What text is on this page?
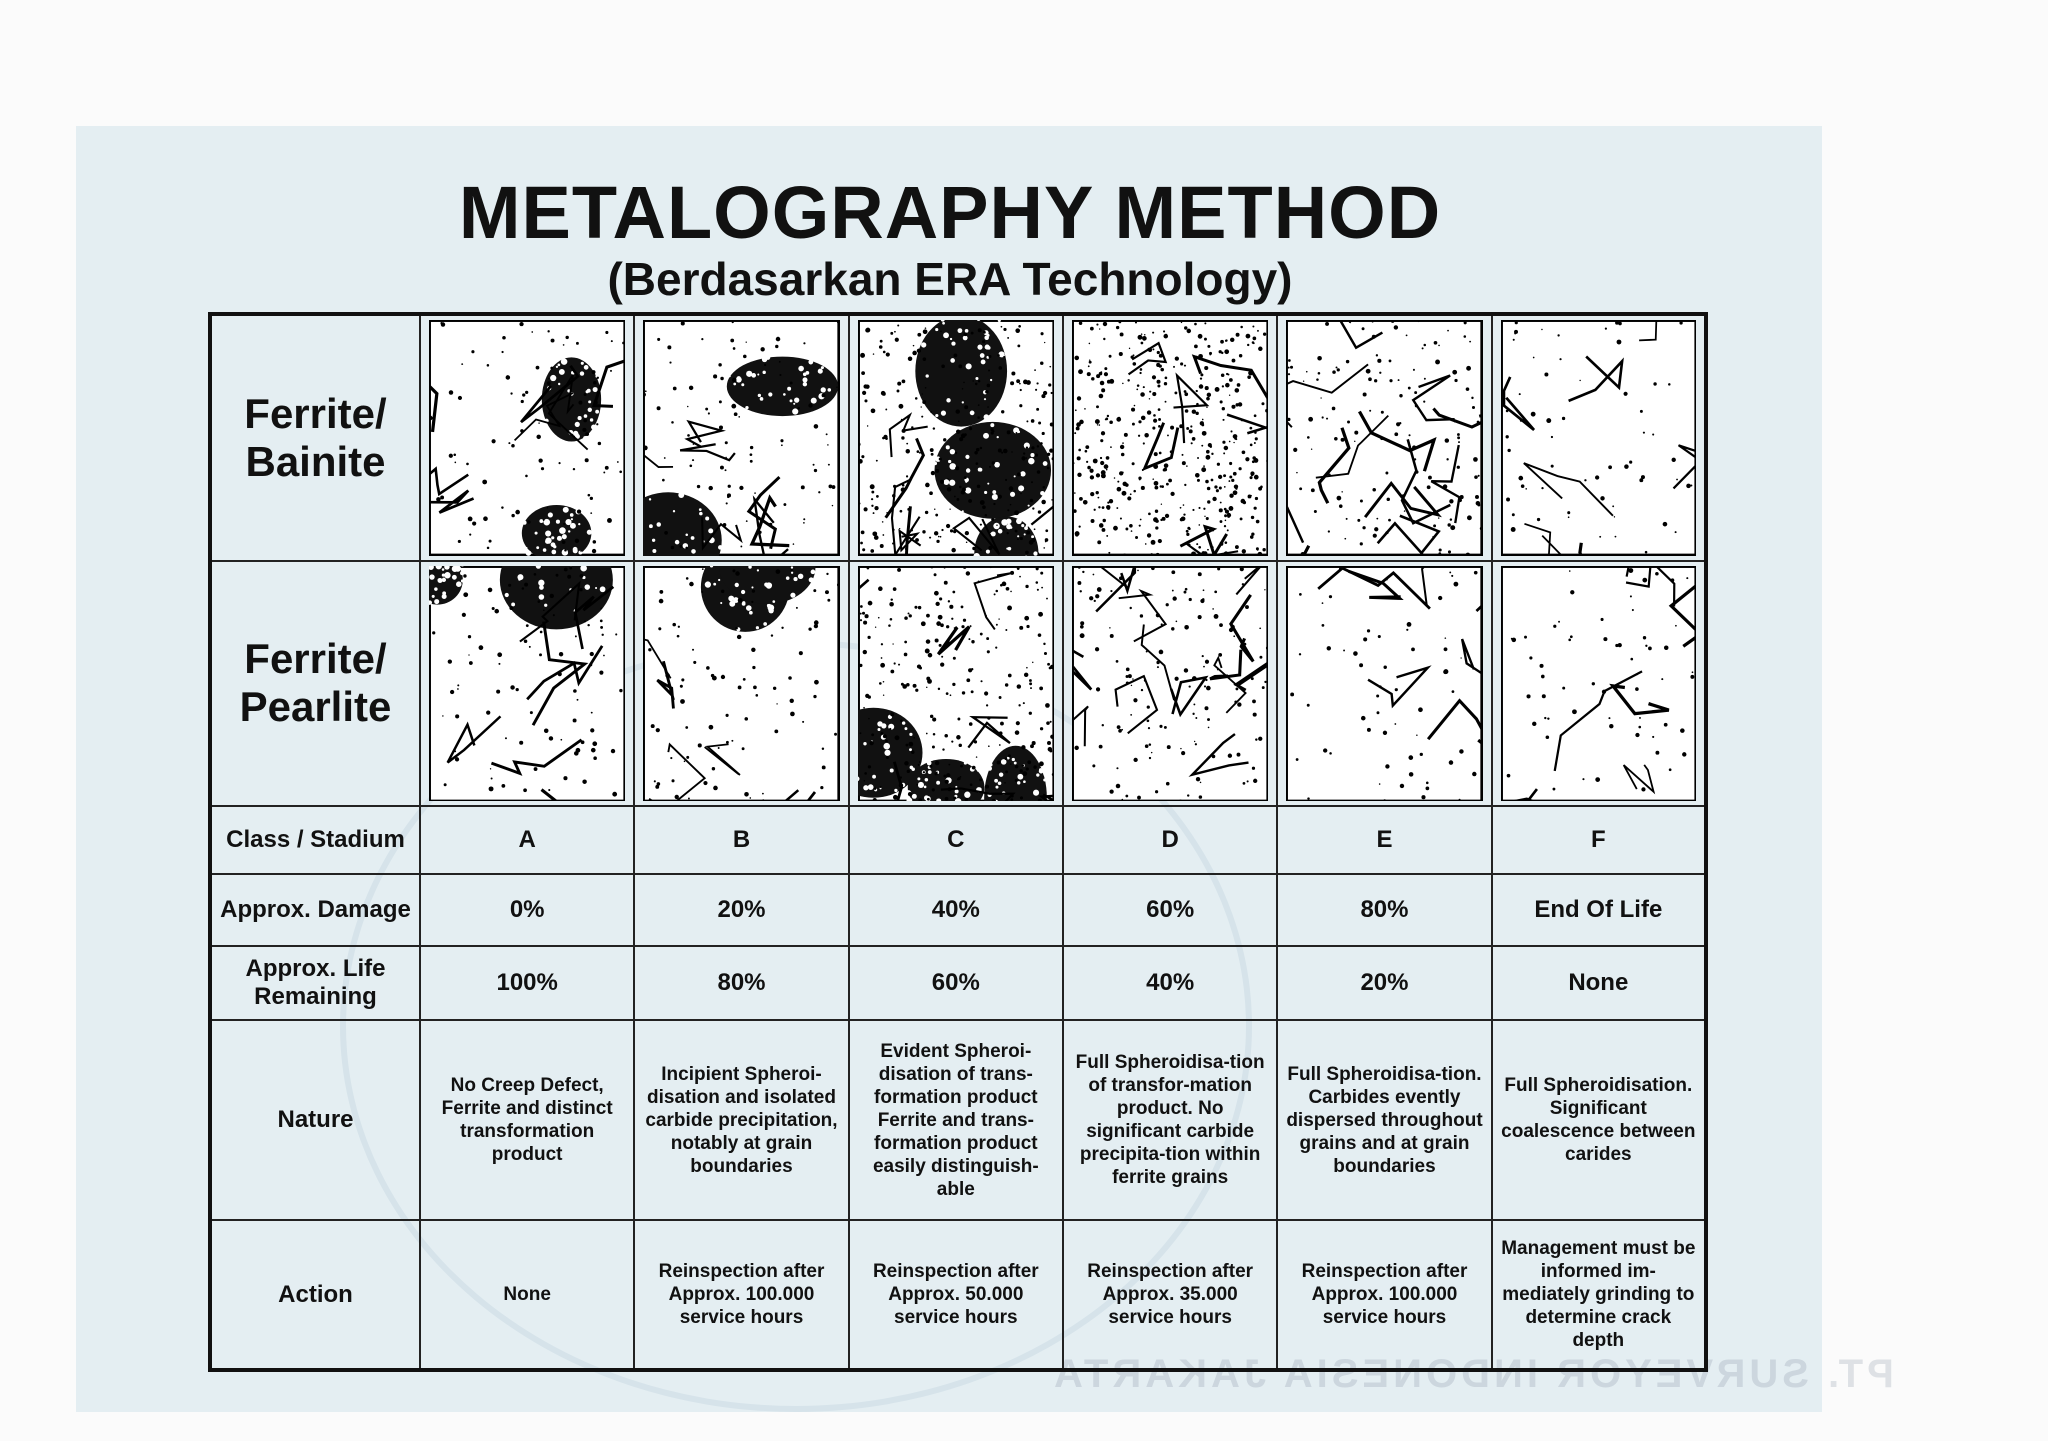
PT. SURVEYOR INDONESIA JAKARTA
METALOGRAPHY METHOD
(Berdasarkan ERA Technology)
Ferrite/
Bainite	

Ferrite/
Pearlite	

Class / Stadium	A	B	C	D	E	F
Approx. Damage	0%	20%	40%	60%	80%	End Of Life
Approx. Life Remaining	100%	80%	60%	40%	20%	None
Nature	No Creep Defect, Ferrite and distinct transformation product	Incipient Spheroi-disation and isolated carbide precipitation, notably at grain boundaries	Evident Spheroi-disation of trans-formation product Ferrite and trans-formation product easily distinguish-able	Full Spheroidisa-tion of transfor-mation product. No significant carbide precipita-tion within ferrite grains	Full Spheroidisa-tion. Carbides evently dispersed throughout grains and at grain boundaries	Full Spheroidisation. Significant coalescence between carides
Action	None	Reinspection after Approx. 100.000 service hours	Reinspection after Approx. 50.000 service hours	Reinspection after Approx. 35.000 service hours	Reinspection after Approx. 100.000 service hours	Management must be informed im-mediately grinding to determine crack depth
